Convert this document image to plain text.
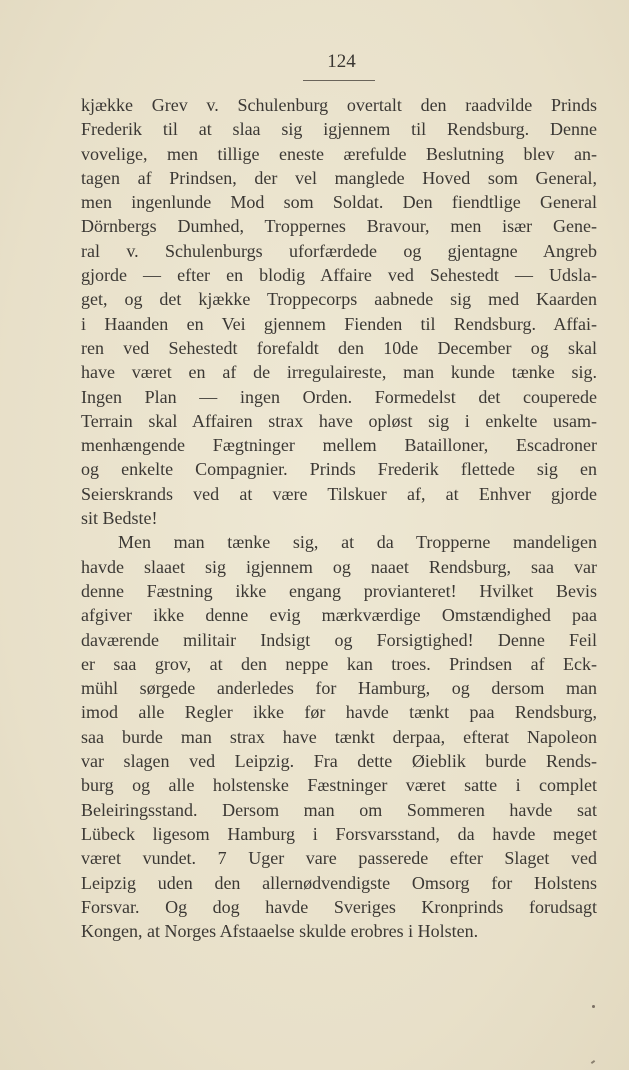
124
kjække Grev v. Schulenburg overtalt den raadvilde Prinds
Frederik til at slaa sig igjennem til Rendsburg. Denne
vovelige, men tillige eneste ærefulde Beslutning blev an-
tagen af Prindsen, der vel manglede Hoved som General,
men ingenlunde Mod som Soldat. Den fiendtlige General
Dörnbergs Dumhed, Troppernes Bravour, men især Gene-
ral v. Schulenburgs uforfærdede og gjentagne Angreb
gjorde — efter en blodig Affaire ved Sehestedt — Udsla-
get, og det kjække Troppecorps aabnede sig med Kaarden
i Haanden en Vei gjennem Fienden til Rendsburg. Affai-
ren ved Sehestedt forefaldt den 10de December og skal
have været en af de irregulaireste, man kunde tænke sig.
Ingen Plan — ingen Orden. Formedelst det couperede
Terrain skal Affairen strax have opløst sig i enkelte usam-
menhængende Fægtninger mellem Batailloner, Escadroner
og enkelte Compagnier. Prinds Frederik flettede sig en
Seierskrands ved at være Tilskuer af, at Enhver gjorde
sit Bedste!
Men man tænke sig, at da Tropperne mandeligen
havde slaaet sig igjennem og naaet Rendsburg, saa var
denne Fæstning ikke engang provianteret! Hvilket Bevis
afgiver ikke denne evig mærkværdige Omstændighed paa
daværende militair Indsigt og Forsigtighed! Denne Feil
er saa grov, at den neppe kan troes. Prindsen af Eck-
mühl sørgede anderledes for Hamburg, og dersom man
imod alle Regler ikke før havde tænkt paa Rendsburg,
saa burde man strax have tænkt derpaa, efterat Napoleon
var slagen ved Leipzig. Fra dette Øieblik burde Rends-
burg og alle holstenske Fæstninger været satte i complet
Beleiringsstand. Dersom man om Sommeren havde sat
Lübeck ligesom Hamburg i Forsvarsstand, da havde meget
været vundet. 7 Uger vare passerede efter Slaget ved
Leipzig uden den allernødvendigste Omsorg for Holstens
Forsvar. Og dog havde Sveriges Kronprinds forudsagt
Kongen, at Norges Afstaaelse skulde erobres i Holsten.
